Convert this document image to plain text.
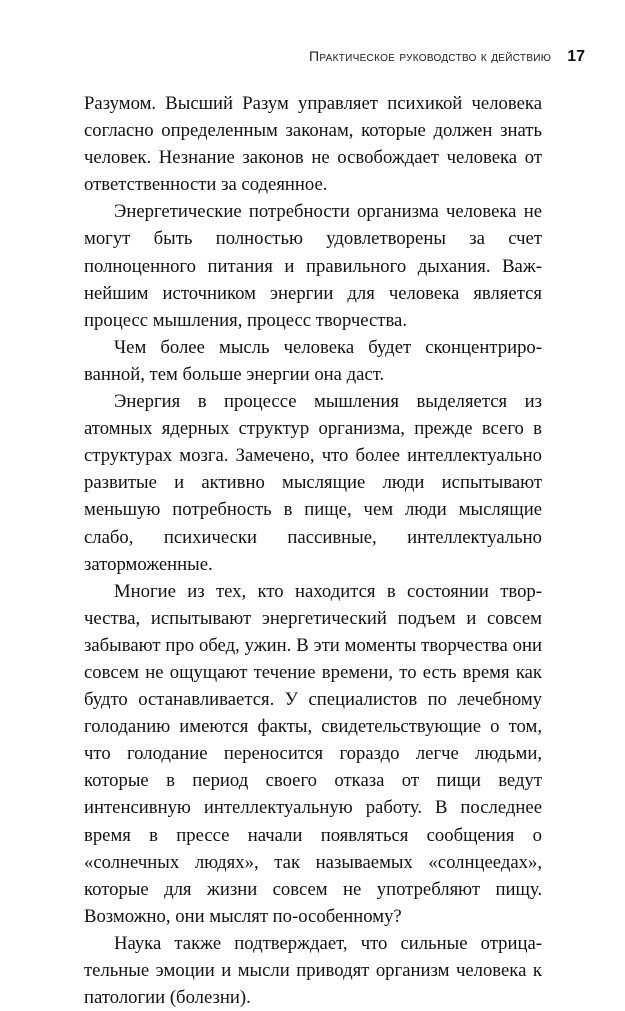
Практическое руководство к действию 17

Разумом. Высший Разум управляет психикой человека согласно определенным законам, которые должен знать человек. Незнание законов не освобождает человека от ответственности за содеянное.

Энергетические потребности организма человека не могут быть полностью удовлетворены за счет полноценного питания и правильного дыхания. Важнейшим источником энергии для человека является процесс мышления, процесс творчества.

Чем более мысль человека будет сконцентрированной, тем больше энергии она даст.

Энергия в процессе мышления выделяется из атомных ядерных структур организма, прежде всего в структурах мозга. Замечено, что более интеллектуально развитые и активно мыслящие люди испытывают меньшую потребность в пище, чем люди мыслящие слабо, психически пассивные, интеллектуально заторможенные.

Многие из тех, кто находится в состоянии творчества, испытывают энергетический подъем и совсем забывают про обед, ужин. В эти моменты творчества они совсем не ощущают течение времени, то есть время как будто останавливается. У специалистов по лечебному голоданию имеются факты, свидетельствующие о том, что голодание переносится гораздо легче людьми, которые в период своего отказа от пищи ведут интенсивную интеллектуальную работу. В последнее время в прессе начали появляться сообщения о «солнечных людях», так называемых «солнцеедах», которые для жизни совсем не употребляют пищу. Возможно, они мыслят по-особенному?

Наука также подтверждает, что сильные отрицательные эмоции и мысли приводят организм человека к патологии (болезни).
